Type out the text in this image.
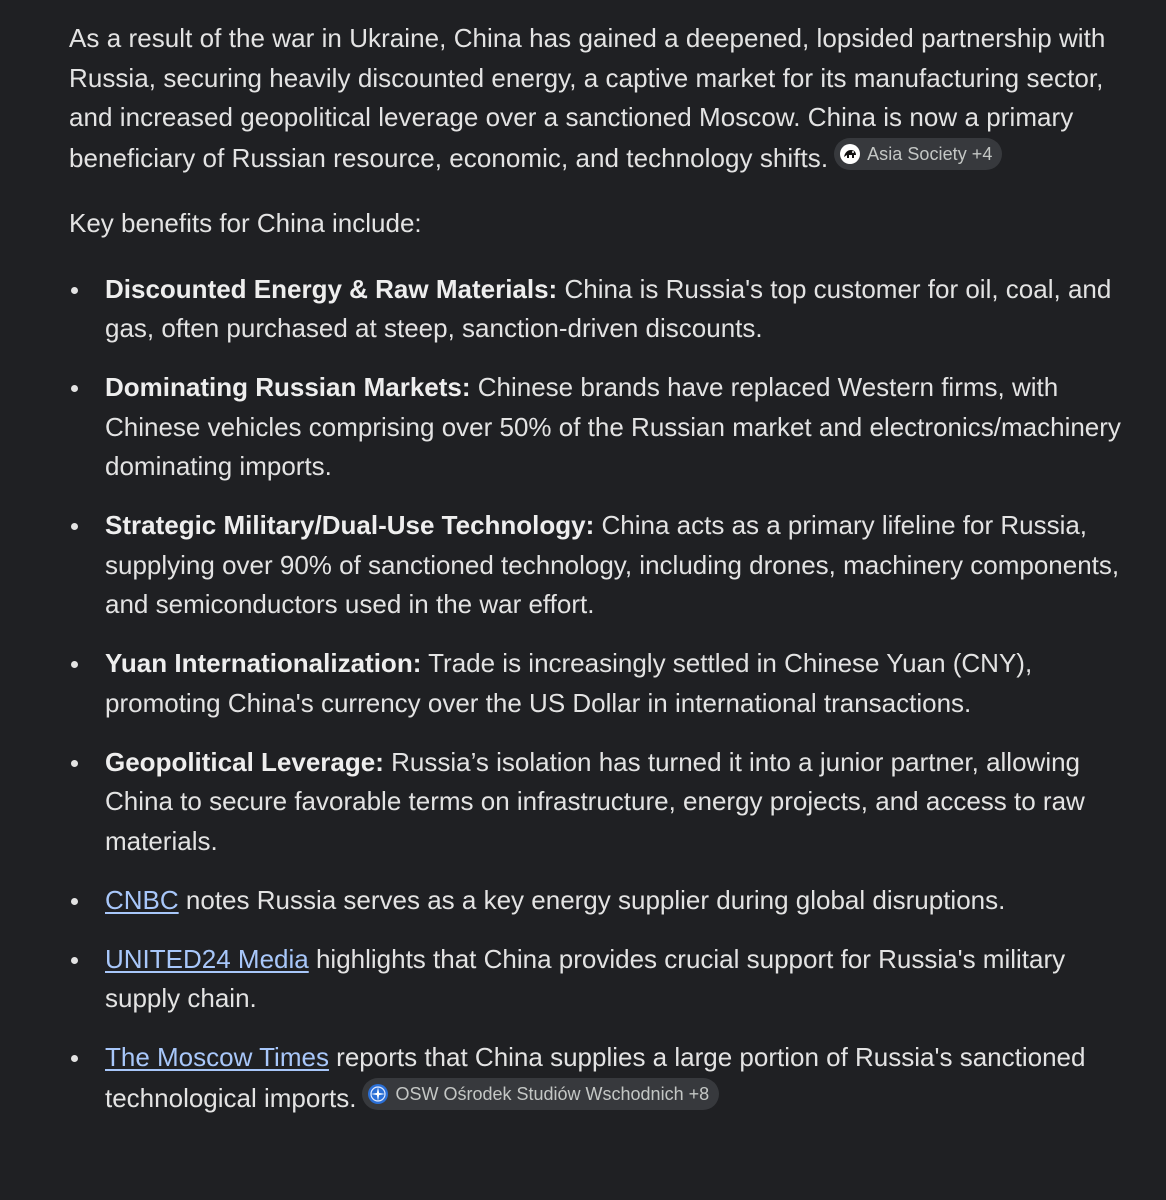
As a result of the war in Ukraine, China has gained a deepened, lopsided partnership with Russia, securing heavily discounted energy, a captive market for its manufacturing sector, and increased geopolitical leverage over a sanctioned Moscow. China is now a primary beneficiary of Russian resource, economic, and technology shifts. Asia Society +4

Key benefits for China include:

Discounted Energy & Raw Materials: China is Russia's top customer for oil, coal, and gas, often purchased at steep, sanction-driven discounts.
Dominating Russian Markets: Chinese brands have replaced Western firms, with Chinese vehicles comprising over 50% of the Russian market and electronics/machinery dominating imports.
Strategic Military/Dual-Use Technology: China acts as a primary lifeline for Russia, supplying over 90% of sanctioned technology, including drones, machinery components, and semiconductors used in the war effort.
Yuan Internationalization: Trade is increasingly settled in Chinese Yuan (CNY), promoting China's currency over the US Dollar in international transactions.
Geopolitical Leverage: Russia’s isolation has turned it into a junior partner, allowing China to secure favorable terms on infrastructure, energy projects, and access to raw materials.
CNBC notes Russia serves as a key energy supplier during global disruptions.
UNITED24 Media highlights that China provides crucial support for Russia's military supply chain.
The Moscow Times reports that China supplies a large portion of Russia's sanctioned technological imports. OSW Ośrodek Studiów Wschodnich +8
